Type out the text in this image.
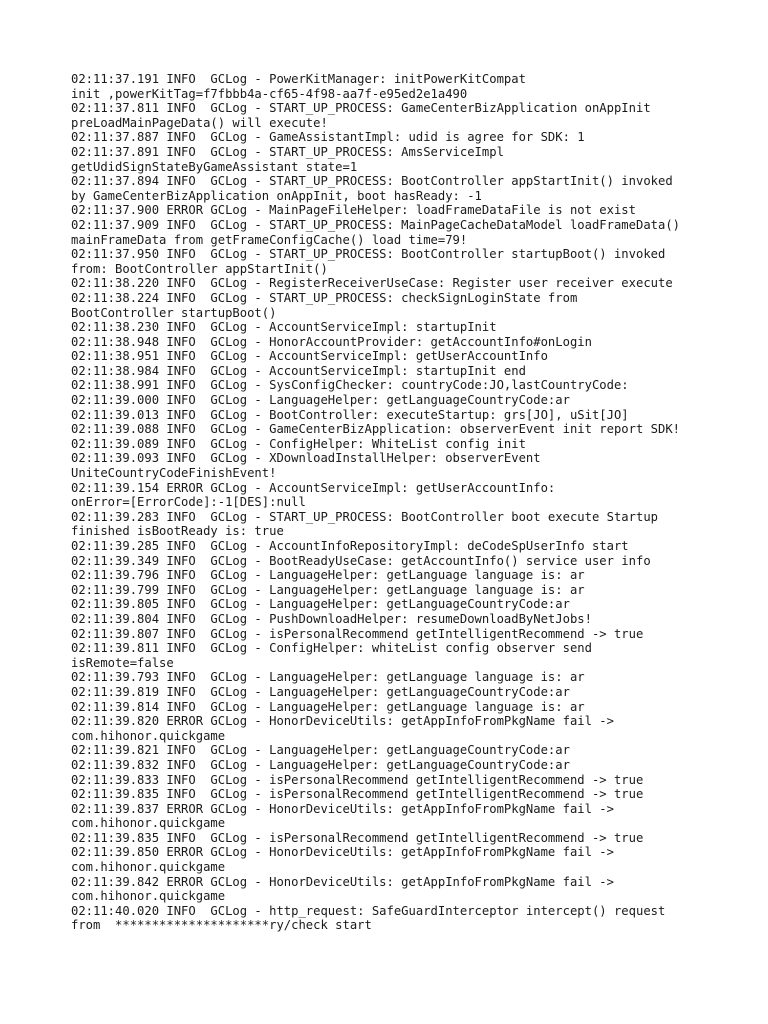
02:11:37.191 INFO  GCLog - PowerKitManager: initPowerKitCompat
init ,powerKitTag=f7fbbb4a-cf65-4f98-aa7f-e95ed2e1a490
02:11:37.811 INFO  GCLog - START_UP_PROCESS: GameCenterBizApplication onAppInit
preLoadMainPageData() will execute!
02:11:37.887 INFO  GCLog - GameAssistantImpl: udid is agree for SDK: 1
02:11:37.891 INFO  GCLog - START_UP_PROCESS: AmsServiceImpl
getUdidSignStateByGameAssistant state=1
02:11:37.894 INFO  GCLog - START_UP_PROCESS: BootController appStartInit() invoked
by GameCenterBizApplication onAppInit, boot hasReady: -1
02:11:37.900 ERROR GCLog - MainPageFileHelper: loadFrameDataFile is not exist
02:11:37.909 INFO  GCLog - START_UP_PROCESS: MainPageCacheDataModel loadFrameData()
mainFrameData from getFrameConfigCache() load time=79!
02:11:37.950 INFO  GCLog - START_UP_PROCESS: BootController startupBoot() invoked
from: BootController appStartInit()
02:11:38.220 INFO  GCLog - RegisterReceiverUseCase: Register user receiver execute
02:11:38.224 INFO  GCLog - START_UP_PROCESS: checkSignLoginState from
BootController startupBoot()
02:11:38.230 INFO  GCLog - AccountServiceImpl: startupInit
02:11:38.948 INFO  GCLog - HonorAccountProvider: getAccountInfo#onLogin
02:11:38.951 INFO  GCLog - AccountServiceImpl: getUserAccountInfo
02:11:38.984 INFO  GCLog - AccountServiceImpl: startupInit end
02:11:38.991 INFO  GCLog - SysConfigChecker: countryCode:JO,lastCountryCode:
02:11:39.000 INFO  GCLog - LanguageHelper: getLanguageCountryCode:ar
02:11:39.013 INFO  GCLog - BootController: executeStartup: grs[JO], uSit[JO]
02:11:39.088 INFO  GCLog - GameCenterBizApplication: observerEvent init report SDK!
02:11:39.089 INFO  GCLog - ConfigHelper: WhiteList config init
02:11:39.093 INFO  GCLog - XDownloadInstallHelper: observerEvent
UniteCountryCodeFinishEvent!
02:11:39.154 ERROR GCLog - AccountServiceImpl: getUserAccountInfo:
onError=[ErrorCode]:-1[DES]:null
02:11:39.283 INFO  GCLog - START_UP_PROCESS: BootController boot execute Startup
finished isBootReady is: true
02:11:39.285 INFO  GCLog - AccountInfoRepositoryImpl: deCodeSpUserInfo start
02:11:39.349 INFO  GCLog - BootReadyUseCase: getAccountInfo() service user info
02:11:39.796 INFO  GCLog - LanguageHelper: getLanguage language is: ar
02:11:39.799 INFO  GCLog - LanguageHelper: getLanguage language is: ar
02:11:39.805 INFO  GCLog - LanguageHelper: getLanguageCountryCode:ar
02:11:39.804 INFO  GCLog - PushDownloadHelper: resumeDownloadByNetJobs!
02:11:39.807 INFO  GCLog - isPersonalRecommend getIntelligentRecommend -> true
02:11:39.811 INFO  GCLog - ConfigHelper: whiteList config observer send
isRemote=false
02:11:39.793 INFO  GCLog - LanguageHelper: getLanguage language is: ar
02:11:39.819 INFO  GCLog - LanguageHelper: getLanguageCountryCode:ar
02:11:39.814 INFO  GCLog - LanguageHelper: getLanguage language is: ar
02:11:39.820 ERROR GCLog - HonorDeviceUtils: getAppInfoFromPkgName fail ->
com.hihonor.quickgame
02:11:39.821 INFO  GCLog - LanguageHelper: getLanguageCountryCode:ar
02:11:39.832 INFO  GCLog - LanguageHelper: getLanguageCountryCode:ar
02:11:39.833 INFO  GCLog - isPersonalRecommend getIntelligentRecommend -> true
02:11:39.835 INFO  GCLog - isPersonalRecommend getIntelligentRecommend -> true
02:11:39.837 ERROR GCLog - HonorDeviceUtils: getAppInfoFromPkgName fail ->
com.hihonor.quickgame
02:11:39.835 INFO  GCLog - isPersonalRecommend getIntelligentRecommend -> true
02:11:39.850 ERROR GCLog - HonorDeviceUtils: getAppInfoFromPkgName fail ->
com.hihonor.quickgame
02:11:39.842 ERROR GCLog - HonorDeviceUtils: getAppInfoFromPkgName fail ->
com.hihonor.quickgame
02:11:40.020 INFO  GCLog - http_request: SafeGuardInterceptor intercept() request
from  *********************ry/check start
